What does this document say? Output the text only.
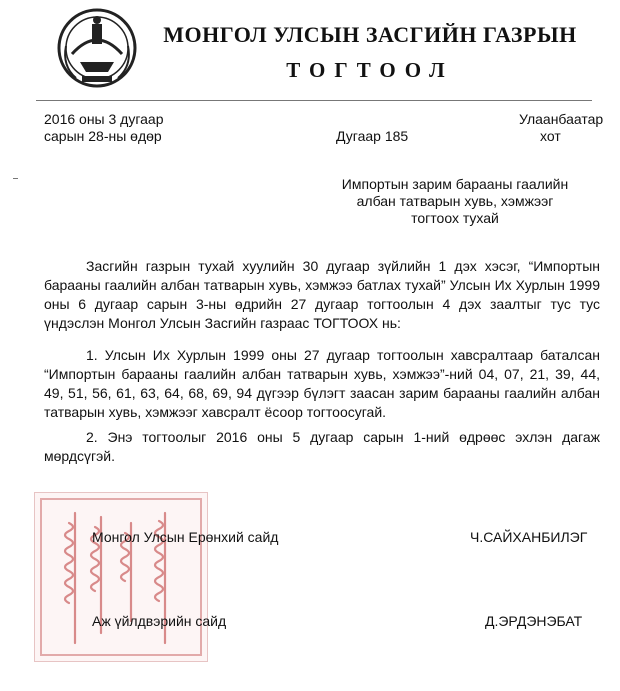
МОНГОЛ УЛСЫН ЗАСГИЙН ГАЗРЫН
ТОГТООЛ
2016 оны 3 дугаар
сарын 28-ны өдөр	Дугаар 185
Улаанбаатар
хот
Импортын зарим барааны гаалийн
албан татварын хувь, хэмжээг
тогтоох тухай
Засгийн газрын тухай хуулийн 30 дугаар зүйлийн 1 дэх хэсэг, “Импортын барааны гаалийн албан татварын хувь, хэмжээ батлах тухай” Улсын Их Хурлын 1999 оны 6 дугаар сарын 3-ны өдрийн 27 дугаар тогтоолын 4 дэх заалтыг тус тус үндэслэн Монгол Улсын Засгийн газраас ТОГТООХ нь:
1. Улсын Их Хурлын 1999 оны 27 дугаар тогтоолын хавсралтаар баталсан “Импортын барааны гаалийн албан татварын хувь, хэмжээ”-ний 04, 07, 21, 39, 44, 49, 51, 56, 61, 63, 64, 68, 69, 94 дүгээр бүлэгт заасан зарим барааны гаалийн албан татварын хувь, хэмжээг хавсралт ёсоор тогтоосугай.
2. Энэ тогтоолыг 2016 оны 5 дугаар сарын 1-ний өдрөөс эхлэн дагаж мөрдсүгэй.
Монгол Улсын Ерөнхий сайд	Ч.САЙХАНБИЛЭГ
Аж үйлдвэрийн сайд	Д.ЭРДЭНЭБАТ
